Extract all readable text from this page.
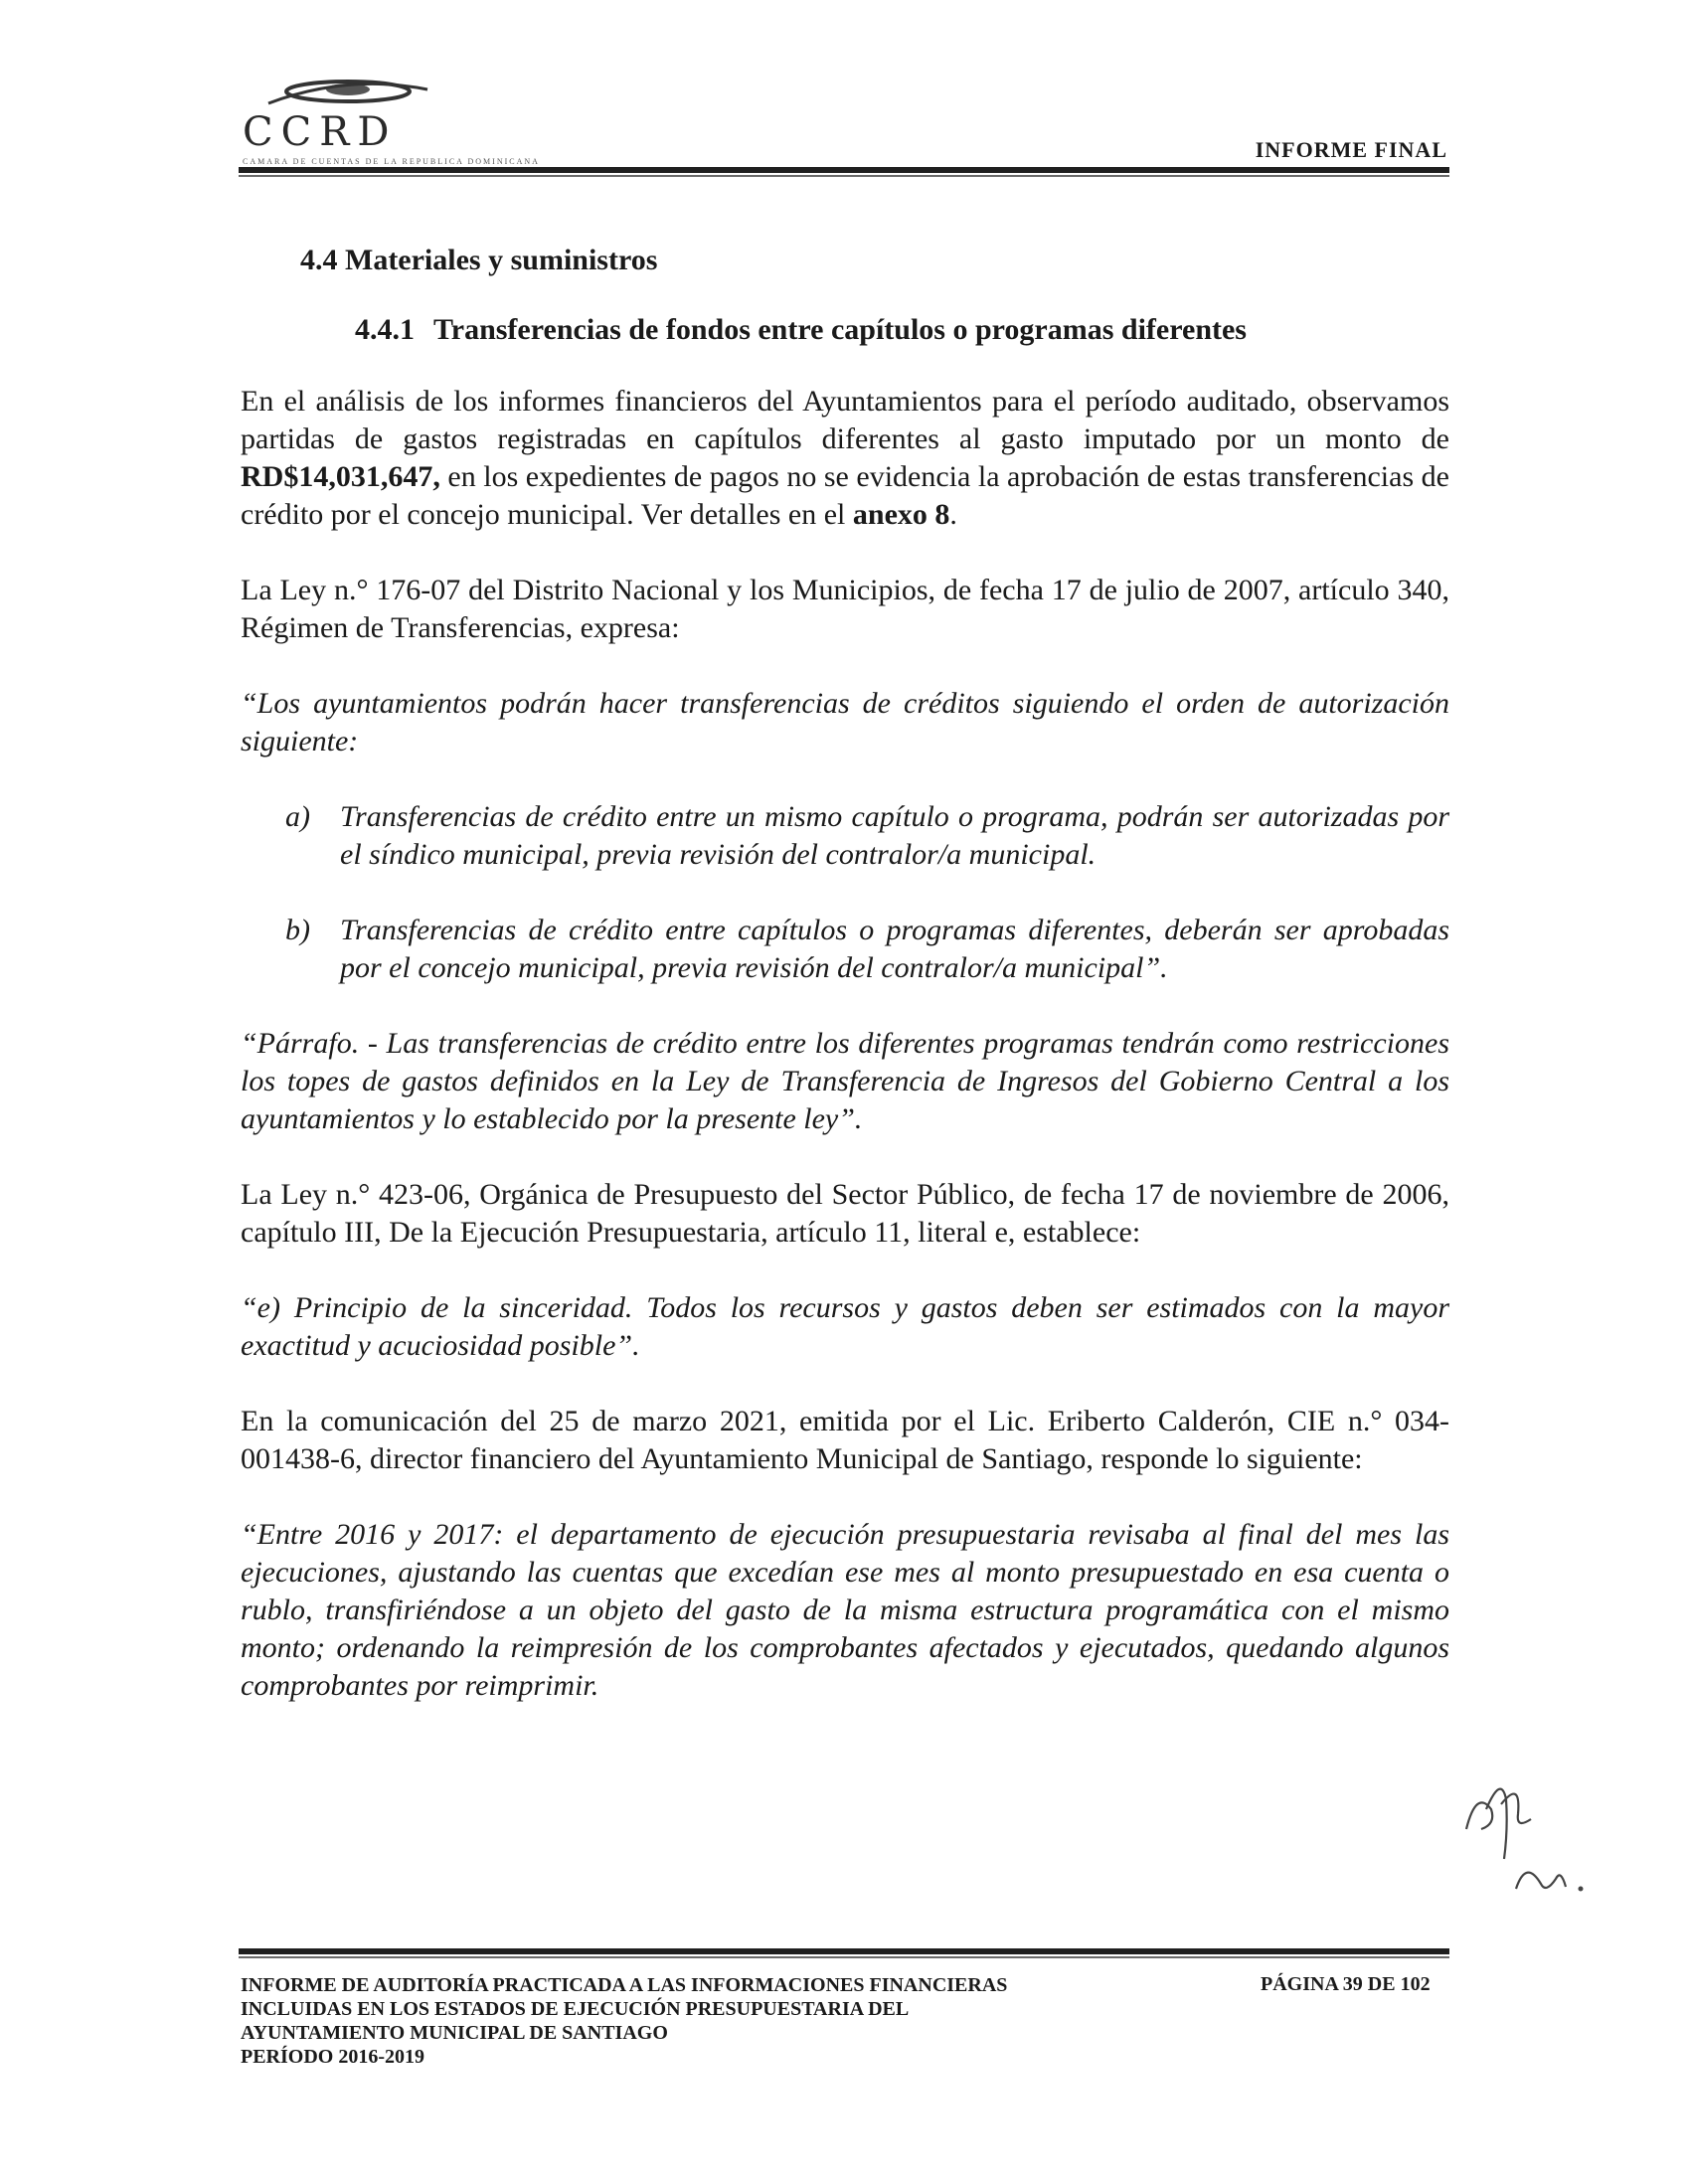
CCRD
CAMARA DE CUENTAS DE LA REPUBLICA DOMINICANA	INFORME FINAL
4.4 Materiales y suministros
4.4.1 Transferencias de fondos entre capítulos o programas diferentes

En el análisis de los informes financieros del Ayuntamientos para el período auditado, observamos partidas de gastos registradas en capítulos diferentes al gasto imputado por un monto de RD$14,031,647, en los expedientes de pagos no se evidencia la aprobación de estas transferencias de crédito por el concejo municipal. Ver detalles en el anexo 8.

La Ley n.° 176-07 del Distrito Nacional y los Municipios, de fecha 17 de julio de 2007, artículo 340, Régimen de Transferencias, expresa:

“Los ayuntamientos podrán hacer transferencias de créditos siguiendo el orden de autorización siguiente:

a)	Transferencias de crédito entre un mismo capítulo o programa, podrán ser autorizadas por el síndico municipal, previa revisión del contralor/a municipal.
b)	Transferencias de crédito entre capítulos o programas diferentes, deberán ser aprobadas por el concejo municipal, previa revisión del contralor/a municipal”.

“Párrafo. - Las transferencias de crédito entre los diferentes programas tendrán como restricciones los topes de gastos definidos en la Ley de Transferencia de Ingresos del Gobierno Central a los ayuntamientos y lo establecido por la presente ley”.

La Ley n.° 423-06, Orgánica de Presupuesto del Sector Público, de fecha 17 de noviembre de 2006, capítulo III, De la Ejecución Presupuestaria, artículo 11, literal e, establece:

“e) Principio de la sinceridad. Todos los recursos y gastos deben ser estimados con la mayor exactitud y acuciosidad posible”.

En la comunicación del 25 de marzo 2021, emitida por el Lic. Eriberto Calderón, CIE n.° 034-001438-6, director financiero del Ayuntamiento Municipal de Santiago, responde lo siguiente:

“Entre 2016 y 2017: el departamento de ejecución presupuestaria revisaba al final del mes las ejecuciones, ajustando las cuentas que excedían ese mes al monto presupuestado en esa cuenta o rublo, transfiriéndose a un objeto del gasto de la misma estructura programática con el mismo monto; ordenando la reimpresión de los comprobantes afectados y ejecutados, quedando algunos comprobantes por reimprimir.

INFORME DE AUDITORÍA PRACTICADA A LAS INFORMACIONES FINANCIERAS
INCLUIDAS EN LOS ESTADOS DE EJECUCIÓN PRESUPUESTARIA DEL
AYUNTAMIENTO MUNICIPAL DE SANTIAGO
PERÍODO 2016-2019
PÁGINA 39 DE 102
